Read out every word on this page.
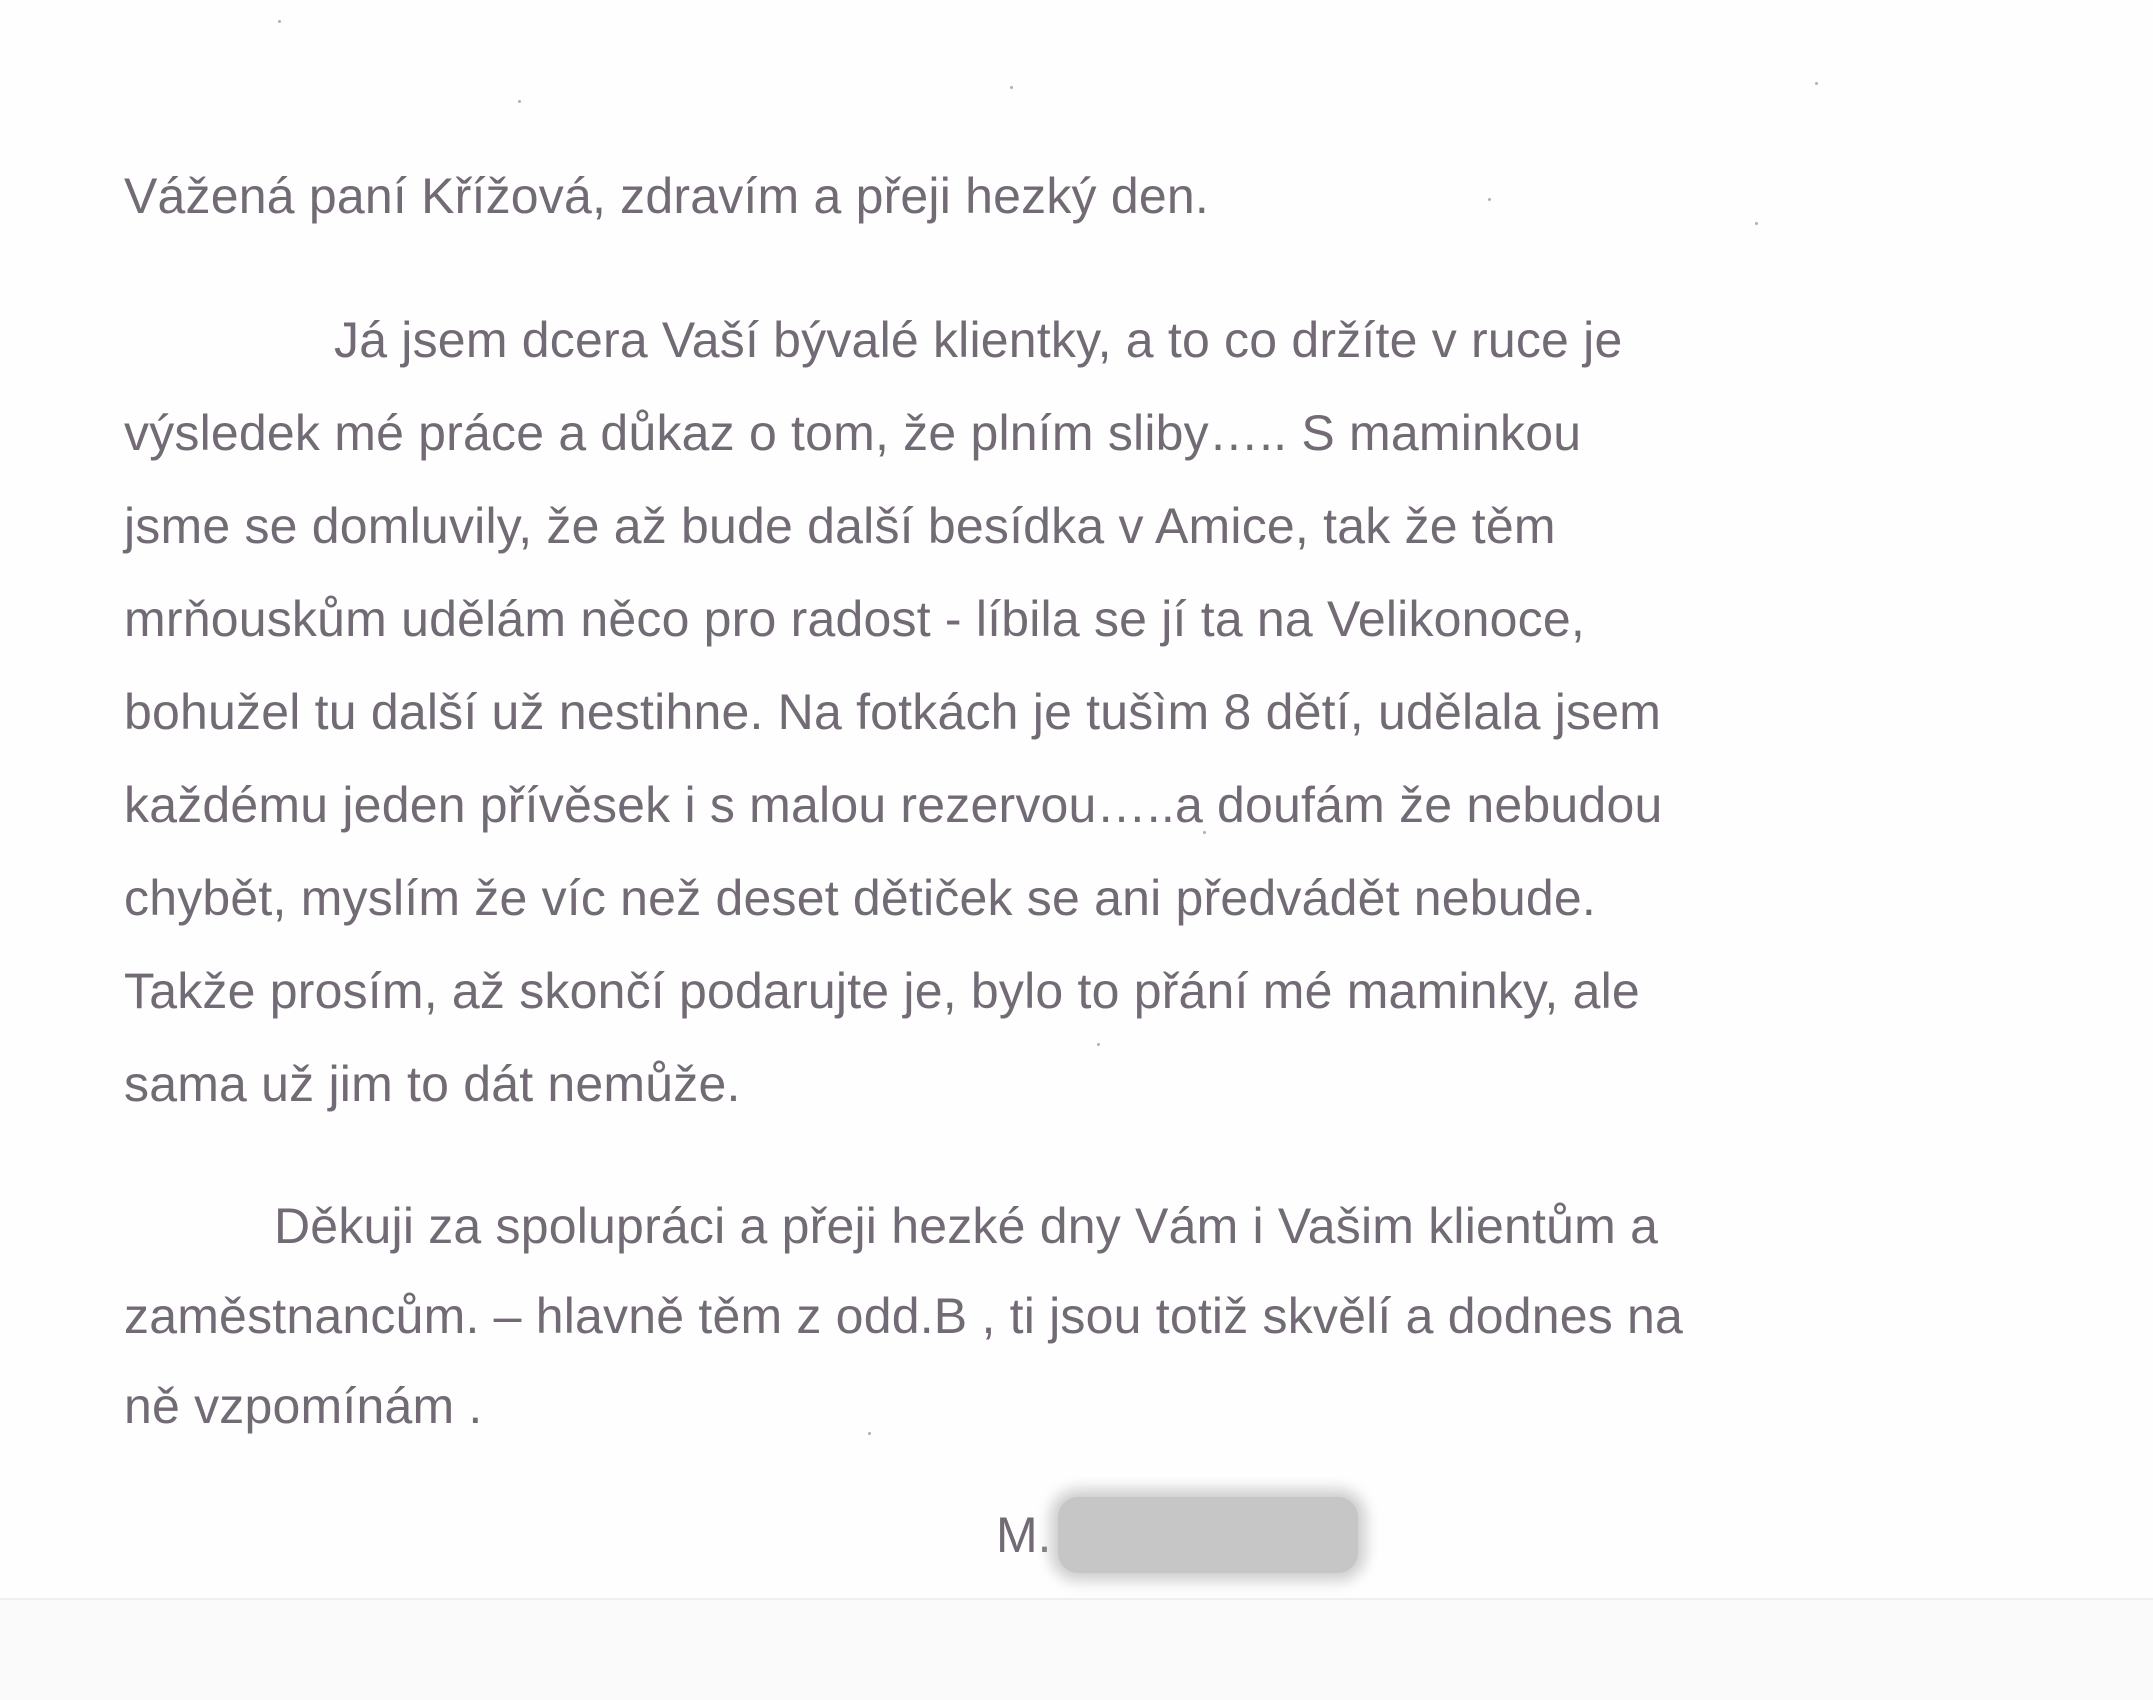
Vážená paní Křížová, zdravím a přeji hezký den.

Já jsem dcera Vaší bývalé klientky, a to co držíte v ruce je
výsledek mé práce a důkaz o tom, že plním sliby….. S maminkou
jsme se domluvily, že až bude další besídka v Amice, tak že těm
mrňouskům udělám něco pro radost - líbila se jí ta na Velikonoce,
bohužel tu další už nestihne. Na fotkách je tušìm 8 dětí, udělala jsem
každému jeden přívěsek i s malou rezervou…..a doufám že nebudou
chybět, myslím že víc než deset dětiček se ani předvádět nebude.
Takže prosím, až skončí podarujte je, bylo to přání mé maminky, ale
sama už jim to dát nemůže.
Děkuji za spolupráci a přeji hezké dny Vám i Vašim klientům a
zaměstnancům. – hlavně těm z odd.B , ti jsou totiž skvělí a dodnes na
ně vzpomínám .
M.
